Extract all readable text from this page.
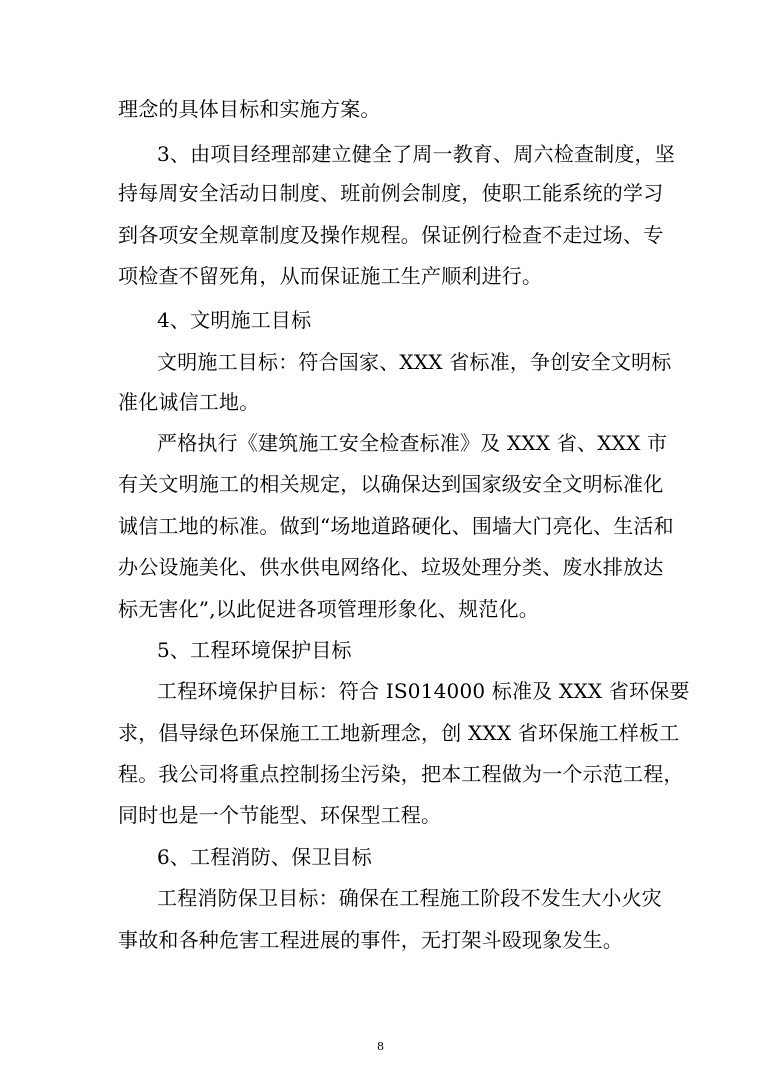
理念的具体目标和实施方案。
3、由项目经理部建立健全了周一教育、周六检查制度，坚
持每周安全活动日制度、班前例会制度，使职工能系统的学习
到各项安全规章制度及操作规程。保证例行检查不走过场、专
项检查不留死角，从而保证施工生产顺利进行。
4、文明施工目标
文明施工目标：符合国家、XXX 省标准，争创安全文明标
准化诚信工地。
严格执行《建筑施工安全检查标准》及 XXX 省、XXX 市
有关文明施工的相关规定，以确保达到国家级安全文明标准化
诚信工地的标准。做到“场地道路硬化、围墙大门亮化、生活和
办公设施美化、供水供电网络化、垃圾处理分类、废水排放达
标无害化”,以此促进各项管理形象化、规范化。
5、工程环境保护目标
工程环境保护目标：符合 IS014000 标准及 XXX 省环保要
求，倡导绿色环保施工工地新理念，创 XXX 省环保施工样板工
程。我公司将重点控制扬尘污染，把本工程做为一个示范工程，
同时也是一个节能型、环保型工程。
6、工程消防、保卫目标
工程消防保卫目标：确保在工程施工阶段不发生大小火灾
事故和各种危害工程进展的事件，无打架斗殴现象发生。
8
